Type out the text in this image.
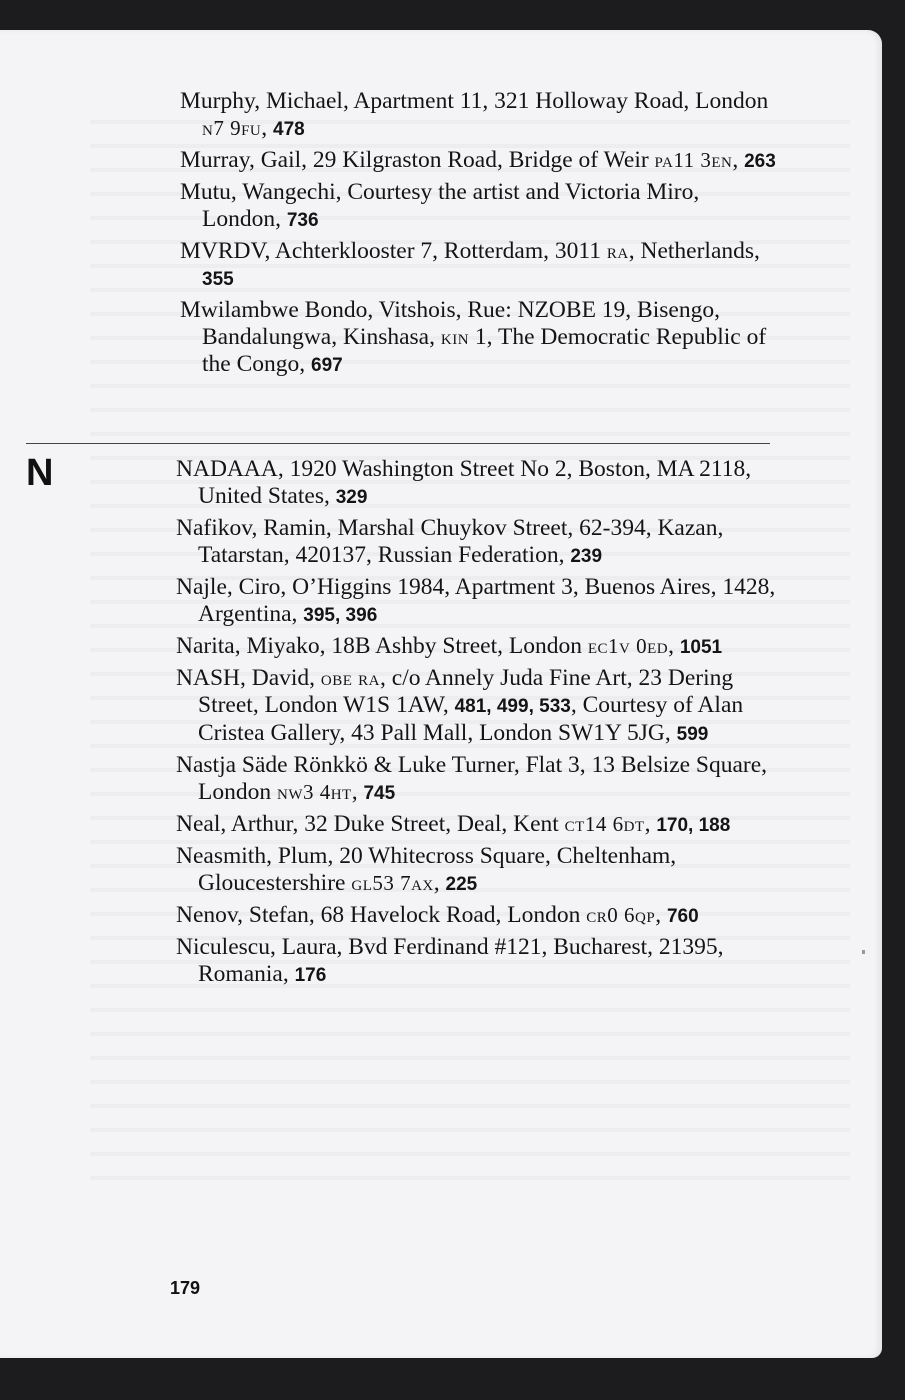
Murphy, Michael, Apartment 11, 321 Holloway Road, London n7 9fu, 478

Murray, Gail, 29 Kilgraston Road, Bridge of Weir pa11 3en, 263

Mutu, Wangechi, Courtesy the artist and Victoria Miro, London, 736

MVRDV, Achterklooster 7, Rotterdam, 3011 ra, Netherlands, 355

Mwilambwe Bondo, Vitshois, Rue: NZOBE 19, Bisengo, Bandalungwa, Kinshasa, kin 1, The Democratic Republic of the Congo, 697

N	NADAAA, 1920 Washington Street No 2, Boston, MA 2118, United States, 329

Nafikov, Ramin, Marshal Chuykov Street, 62-394, Kazan, Tatarstan, 420137, Russian Federation, 239

Najle, Ciro, O’Higgins 1984, Apartment 3, Buenos Aires, 1428, Argentina, 395, 396

Narita, Miyako, 18B Ashby Street, London ec1v 0ed, 1051

NASH, David, obe ra, c/o Annely Juda Fine Art, 23 Dering Street, London W1S 1AW, 481, 499, 533, Courtesy of Alan Cristea Gallery, 43 Pall Mall, London SW1Y 5JG, 599

Nastja Säde Rönkkö & Luke Turner, Flat 3, 13 Belsize Square, London nw3 4ht, 745

Neal, Arthur, 32 Duke Street, Deal, Kent ct14 6dt, 170, 188

Neasmith, Plum, 20 Whitecross Square, Cheltenham, Gloucestershire gl53 7ax, 225

Nenov, Stefan, 68 Havelock Road, London cr0 6qp, 760

Niculescu, Laura, Bvd Ferdinand #121, Bucharest, 21395, Romania, 176

179
